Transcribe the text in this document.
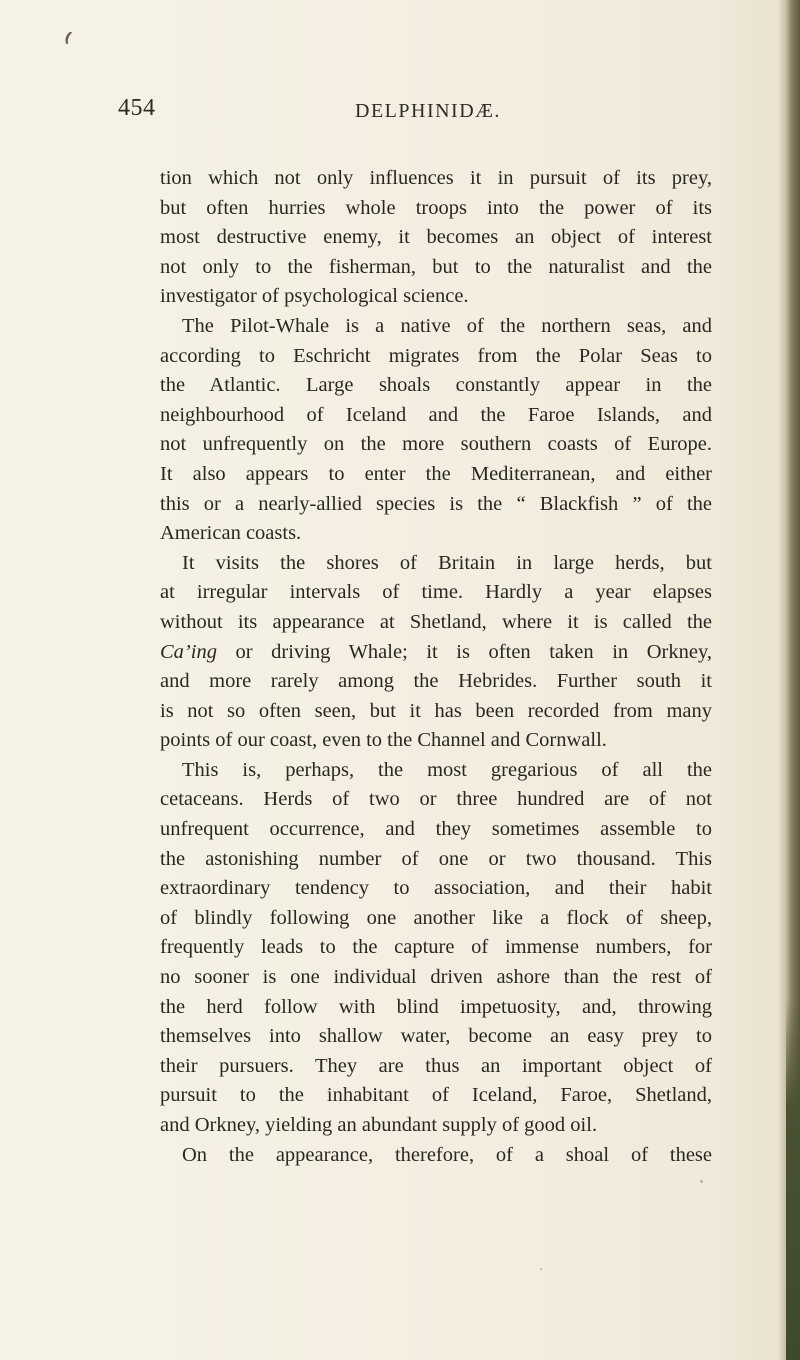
❪
454	DELPHINIDÆ.
tion which not only influences it in pursuit of its prey,
but often hurries whole troops into the power of its
most destructive enemy, it becomes an object of interest
not only to the fisherman, but to the naturalist and the
investigator of psychological science.
The Pilot-Whale is a native of the northern seas, and
according to Eschricht migrates from the Polar Seas to
the Atlantic. Large shoals constantly appear in the
neighbourhood of Iceland and the Faroe Islands, and
not unfrequently on the more southern coasts of Europe.
It also appears to enter the Mediterranean, and either
this or a nearly-allied species is the “ Blackfish ” of the
American coasts.
It visits the shores of Britain in large herds, but
at irregular intervals of time. Hardly a year elapses
without its appearance at Shetland, where it is called the
Ca’ing or driving Whale; it is often taken in Orkney,
and more rarely among the Hebrides. Further south it
is not so often seen, but it has been recorded from many
points of our coast, even to the Channel and Cornwall.
This is, perhaps, the most gregarious of all the
cetaceans. Herds of two or three hundred are of not
unfrequent occurrence, and they sometimes assemble to
the astonishing number of one or two thousand. This
extraordinary tendency to association, and their habit
of blindly following one another like a flock of sheep,
frequently leads to the capture of immense numbers, for
no sooner is one individual driven ashore than the rest of
the herd follow with blind impetuosity, and, throwing
themselves into shallow water, become an easy prey to
their pursuers. They are thus an important object of
pursuit to the inhabitant of Iceland, Faroe, Shetland,
and Orkney, yielding an abundant supply of good oil.
On the appearance, therefore, of a shoal of these
